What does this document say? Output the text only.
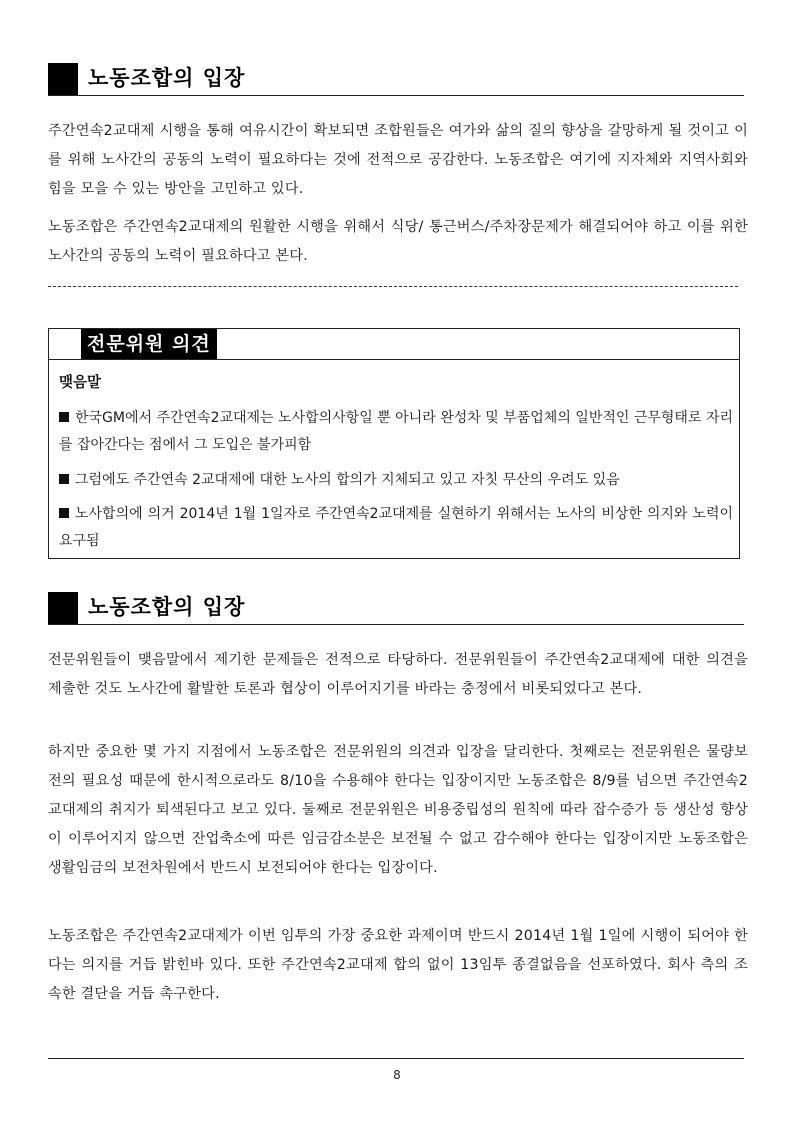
노동조합의 입장

주간연속2교대제 시행을 통해 여유시간이 확보되면 조합원들은 여가와 삶의 질의 향상을 갈망하게 될 것이고 이를 위해 노사간의 공동의 노력이 필요하다는 것에 전적으로 공감한다. 노동조합은 여기에 지자체와 지역사회와 힘을 모을 수 있는 방안을 고민하고 있다.

노동조합은 주간연속2교대제의 원활한 시행을 위해서 식당/ 통근버스/주차장문제가 해결되어야 하고 이를 위한 노사간의 공동의 노력이 필요하다고 본다.

전문위원 의견
맺음말

한국GM에서 주간연속2교대제는 노사합의사항일 뿐 아니라 완성차 및 부품업체의 일반적인 근무형태로 자리를 잡아간다는 점에서 그 도입은 불가피함

그럼에도 주간연속 2교대제에 대한 노사의 합의가 지체되고 있고 자칫 무산의 우려도 있음

노사합의에 의거 2014년 1월 1일자로 주간연속2교대제를 실현하기 위해서는 노사의 비상한 의지와 노력이 요구됨

노동조합의 입장

전문위원들이 맺음말에서 제기한 문제들은 전적으로 타당하다. 전문위원들이 주간연속2교대제에 대한 의견을 제출한 것도 노사간에 활발한 토론과 협상이 이루어지기를 바라는 충정에서 비롯되었다고 본다.

하지만 중요한 몇 가지 지점에서 노동조합은 전문위원의 의견과 입장을 달리한다. 첫째로는 전문위원은 물량보전의 필요성 때문에 한시적으로라도 8/10을 수용해야 한다는 입장이지만 노동조합은 8/9를 넘으면 주간연속2교대제의 취지가 퇴색된다고 보고 있다. 둘째로 전문위원은 비용중립성의 원칙에 따라 잡수증가 등 생산성 향상이 이루어지지 않으면 잔업축소에 따른 임금감소분은 보전될 수 없고 감수해야 한다는 입장이지만 노동조합은 생활임금의 보전차원에서 반드시 보전되어야 한다는 입장이다.

노동조합은 주간연속2교대제가 이번 임투의 가장 중요한 과제이며 반드시 2014년 1월 1일에 시행이 되어야 한다는 의지를 거듭 밝힌바 있다. 또한 주간연속2교대제 합의 없이 13임투 종결없음을 선포하였다. 회사 측의 조속한 결단을 거듭 촉구한다.

8
